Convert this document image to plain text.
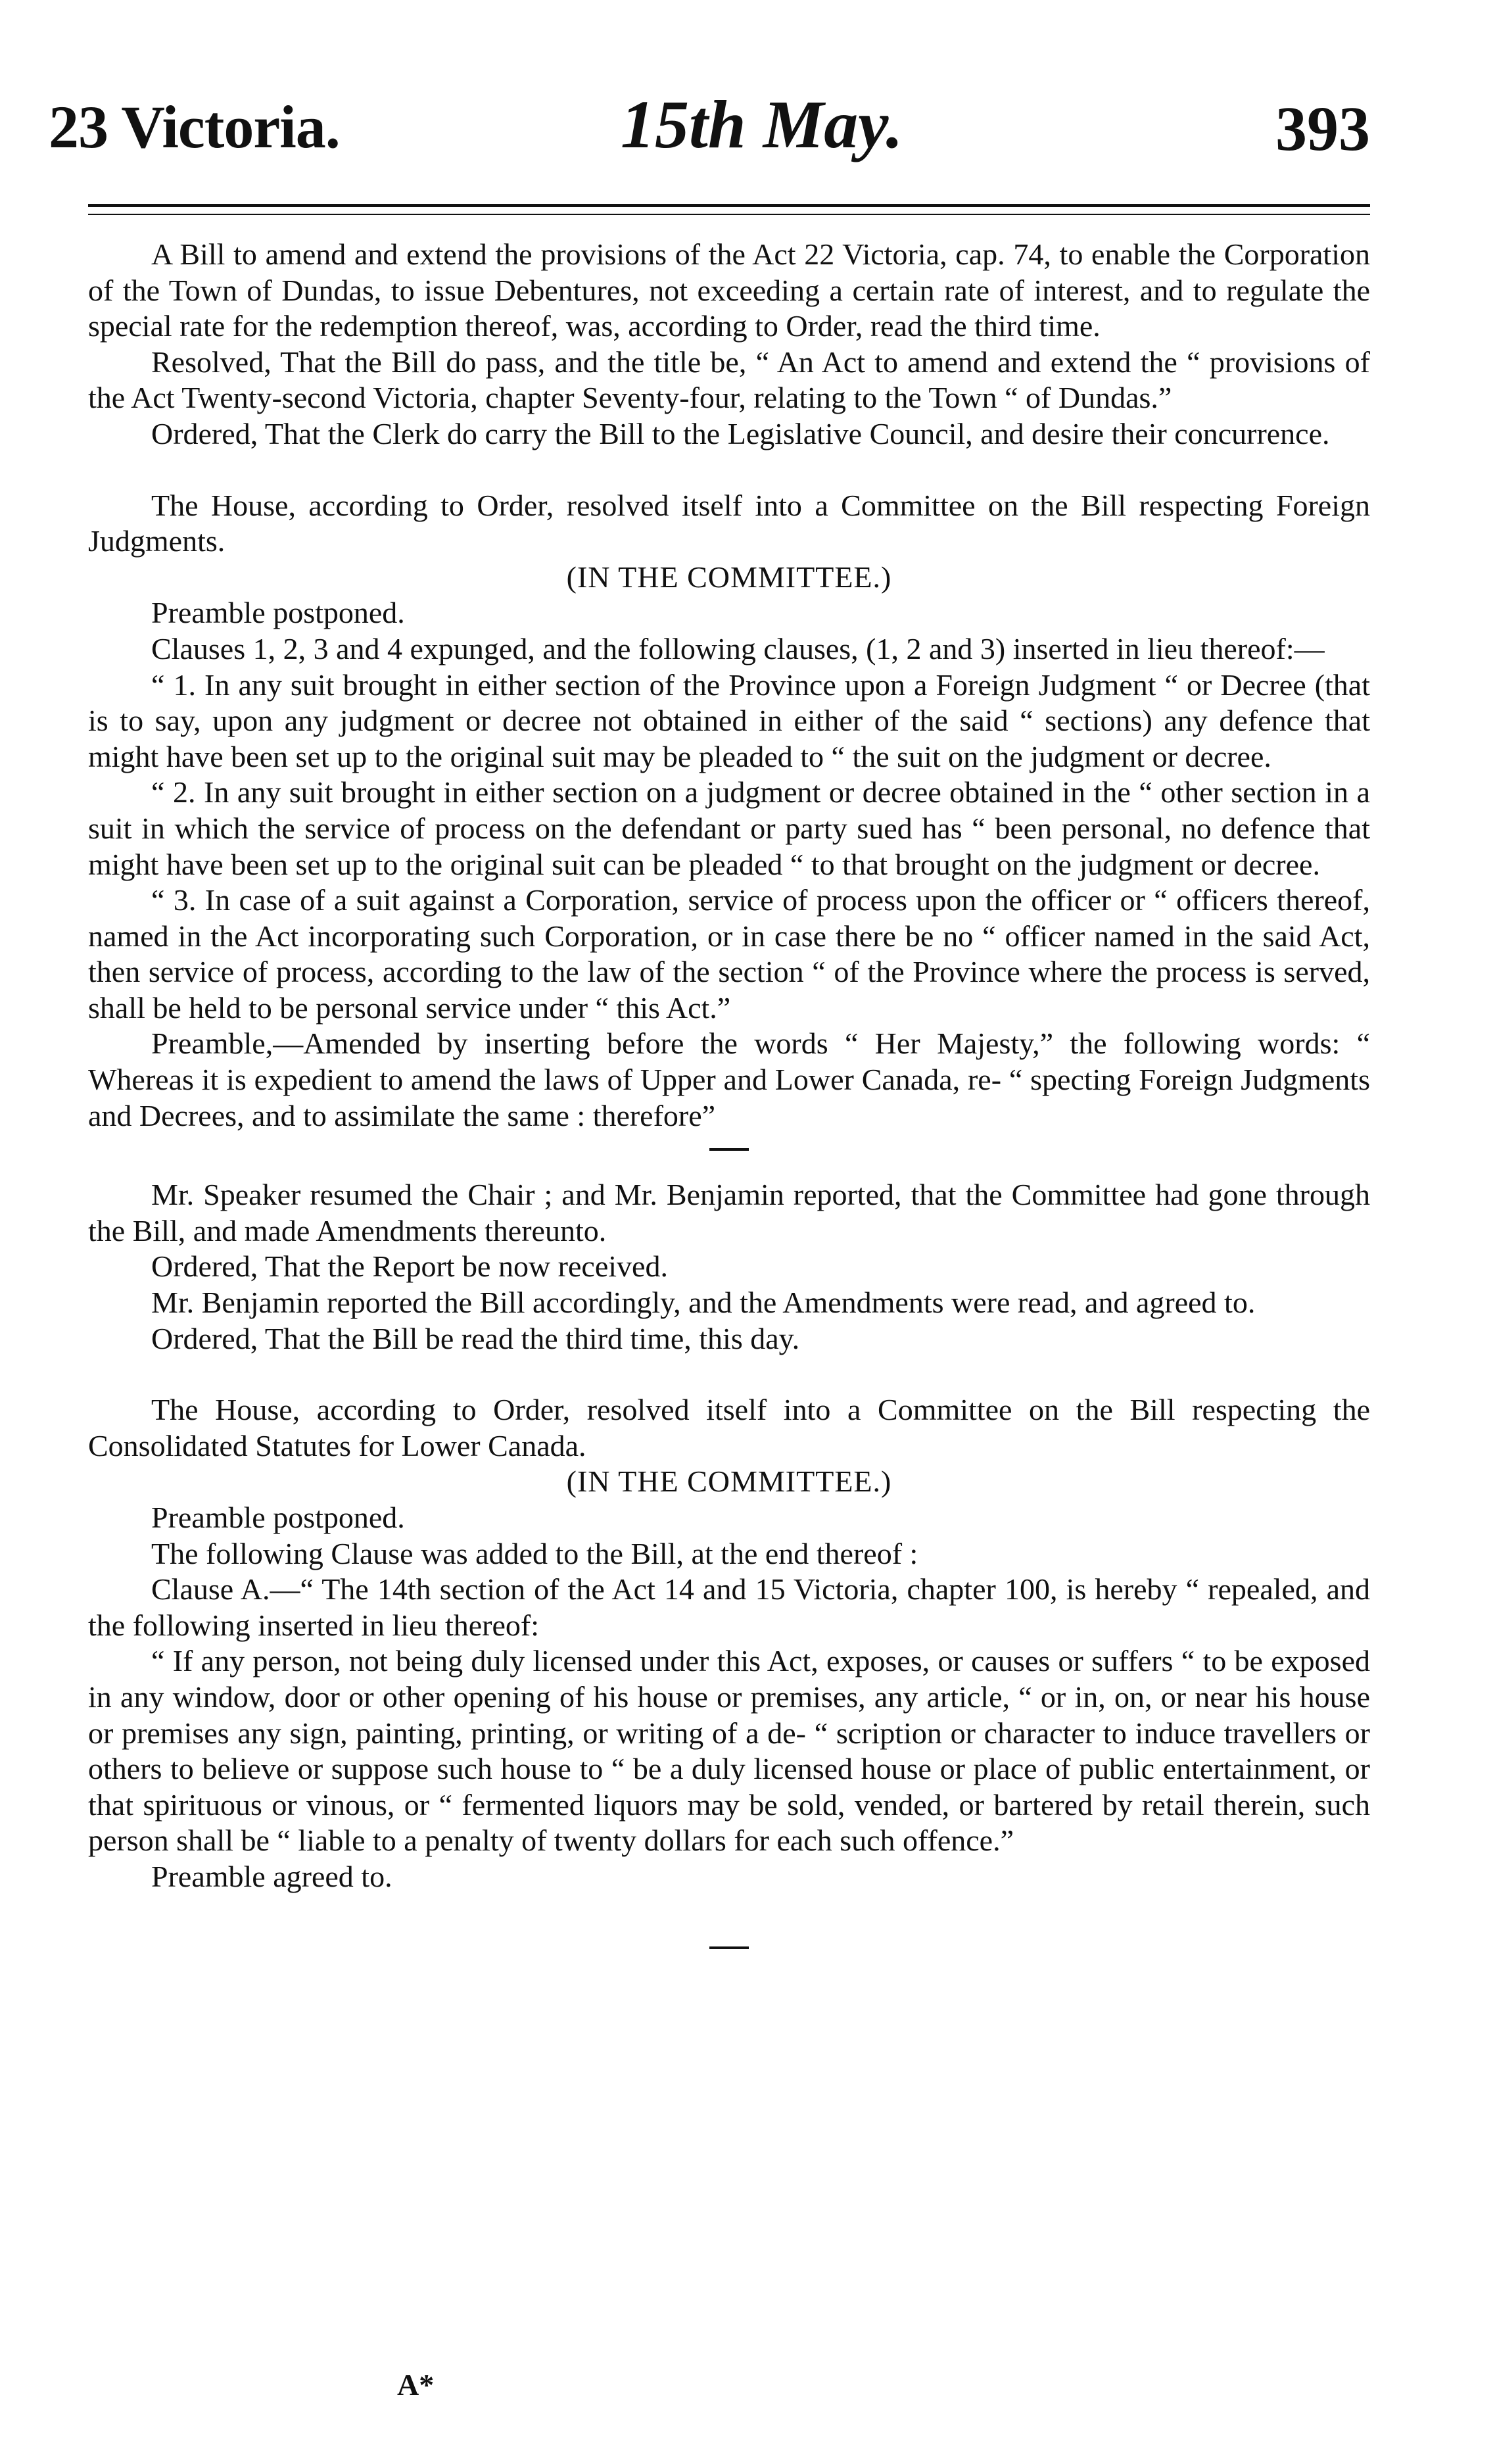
23 Victoria.	15th May.	393

A Bill to amend and extend the provisions of the Act 22 Victoria, cap. 74, to enable the Corporation of the Town of Dundas, to issue Debentures, not exceeding a certain rate of interest, and to regulate the special rate for the redemption thereof, was, according to Order, read the third time.

Resolved, That the Bill do pass, and the title be, “ An Act to amend and extend the “ provisions of the Act Twenty-second Victoria, chapter Seventy-four, relating to the Town “ of Dundas.”

Ordered, That the Clerk do carry the Bill to the Legislative Council, and desire their concurrence.

The House, according to Order, resolved itself into a Committee on the Bill respecting Foreign Judgments.

(IN THE COMMITTEE.)

Preamble postponed.

Clauses 1, 2, 3 and 4 expunged, and the following clauses, (1, 2 and 3) inserted in lieu thereof:—

“ 1. In any suit brought in either section of the Province upon a Foreign Judgment “ or Decree (that is to say, upon any judgment or decree not obtained in either of the said “ sections) any defence that might have been set up to the original suit may be pleaded to “ the suit on the judgment or decree.

“ 2. In any suit brought in either section on a judgment or decree obtained in the “ other section in a suit in which the service of process on the defendant or party sued has “ been personal, no defence that might have been set up to the original suit can be pleaded “ to that brought on the judgment or decree.

“ 3. In case of a suit against a Corporation, service of process upon the officer or “ officers thereof, named in the Act incorporating such Corporation, or in case there be no “ officer named in the said Act, then service of process, according to the law of the section “ of the Province where the process is served, shall be held to be personal service under “ this Act.”

Preamble,—Amended by inserting before the words “ Her Majesty,” the following words: “ Whereas it is expedient to amend the laws of Upper and Lower Canada, re- “ specting Foreign Judgments and Decrees, and to assimilate the same : therefore”

Mr. Speaker resumed the Chair ; and Mr. Benjamin reported, that the Committee had gone through the Bill, and made Amendments thereunto.

Ordered, That the Report be now received.

Mr. Benjamin reported the Bill accordingly, and the Amendments were read, and agreed to.

Ordered, That the Bill be read the third time, this day.

The House, according to Order, resolved itself into a Committee on the Bill respecting the Consolidated Statutes for Lower Canada.

(IN THE COMMITTEE.)

Preamble postponed.

The following Clause was added to the Bill, at the end thereof :

Clause A.—“ The 14th section of the Act 14 and 15 Victoria, chapter 100, is hereby “ repealed, and the following inserted in lieu thereof:

“ If any person, not being duly licensed under this Act, exposes, or causes or suffers “ to be exposed in any window, door or other opening of his house or premises, any article, “ or in, on, or near his house or premises any sign, painting, printing, or writing of a de- “ scription or character to induce travellers or others to believe or suppose such house to “ be a duly licensed house or place of public entertainment, or that spirituous or vinous, or “ fermented liquors may be sold, vended, or bartered by retail therein, such person shall be “ liable to a penalty of twenty dollars for each such offence.”

Preamble agreed to.

A*
